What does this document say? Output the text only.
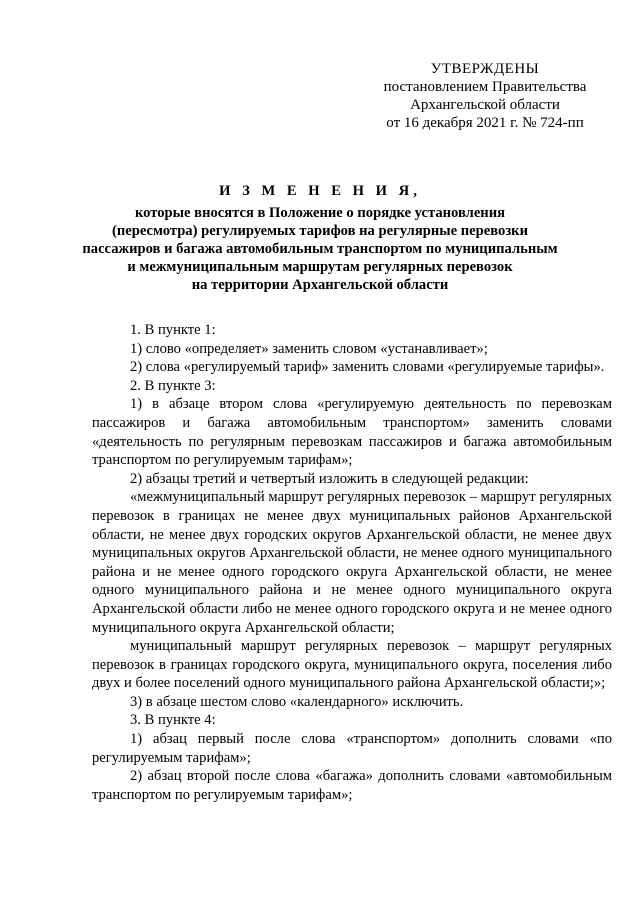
УТВЕРЖДЕНЫ
постановлением Правительства
Архангельской области
от 16 декабря 2021 г. № 724-пп
И З М Е Н Е Н И Я,
которые вносятся в Положение о порядке установления
(пересмотра) регулируемых тарифов на регулярные перевозки
пассажиров и багажа автомобильным транспортом по муниципальным
и межмуниципальным маршрутам регулярных перевозок
на территории Архангельской области

1. В пункте 1:

1) слово «определяет» заменить словом «устанавливает»;

2) слова «регулируемый тариф» заменить словами «регулируемые тарифы».

2. В пункте 3:

1) в абзаце втором слова «регулируемую деятельность по перевозкам пассажиров и багажа автомобильным транспортом» заменить словами «деятельность по регулярным перевозкам пассажиров и багажа автомобильным транспортом по регулируемым тарифам»;

2) абзацы третий и четвертый изложить в следующей редакции:

«межмуниципальный маршрут регулярных перевозок – маршрут регулярных перевозок в границах не менее двух муниципальных районов Архангельской области, не менее двух городских округов Архангельской области, не менее двух муниципальных округов Архангельской области, не менее одного муниципального района и не менее одного городского округа Архангельской области, не менее одного муниципального района и не менее одного муниципального округа Архангельской области либо не менее одного городского округа и не менее одного муниципального округа Архангельской области;

муниципальный маршрут регулярных перевозок – маршрут регулярных перевозок в границах городского округа, муниципального округа, поселения либо двух и более поселений одного муниципального района Архангельской области;»;

3) в абзаце шестом слово «календарного» исключить.

3. В пункте 4:

1) абзац первый после слова «транспортом» дополнить словами «по регулируемым тарифам»;

2) абзац второй после слова «багажа» дополнить словами «автомобильным транспортом по регулируемым тарифам»;
